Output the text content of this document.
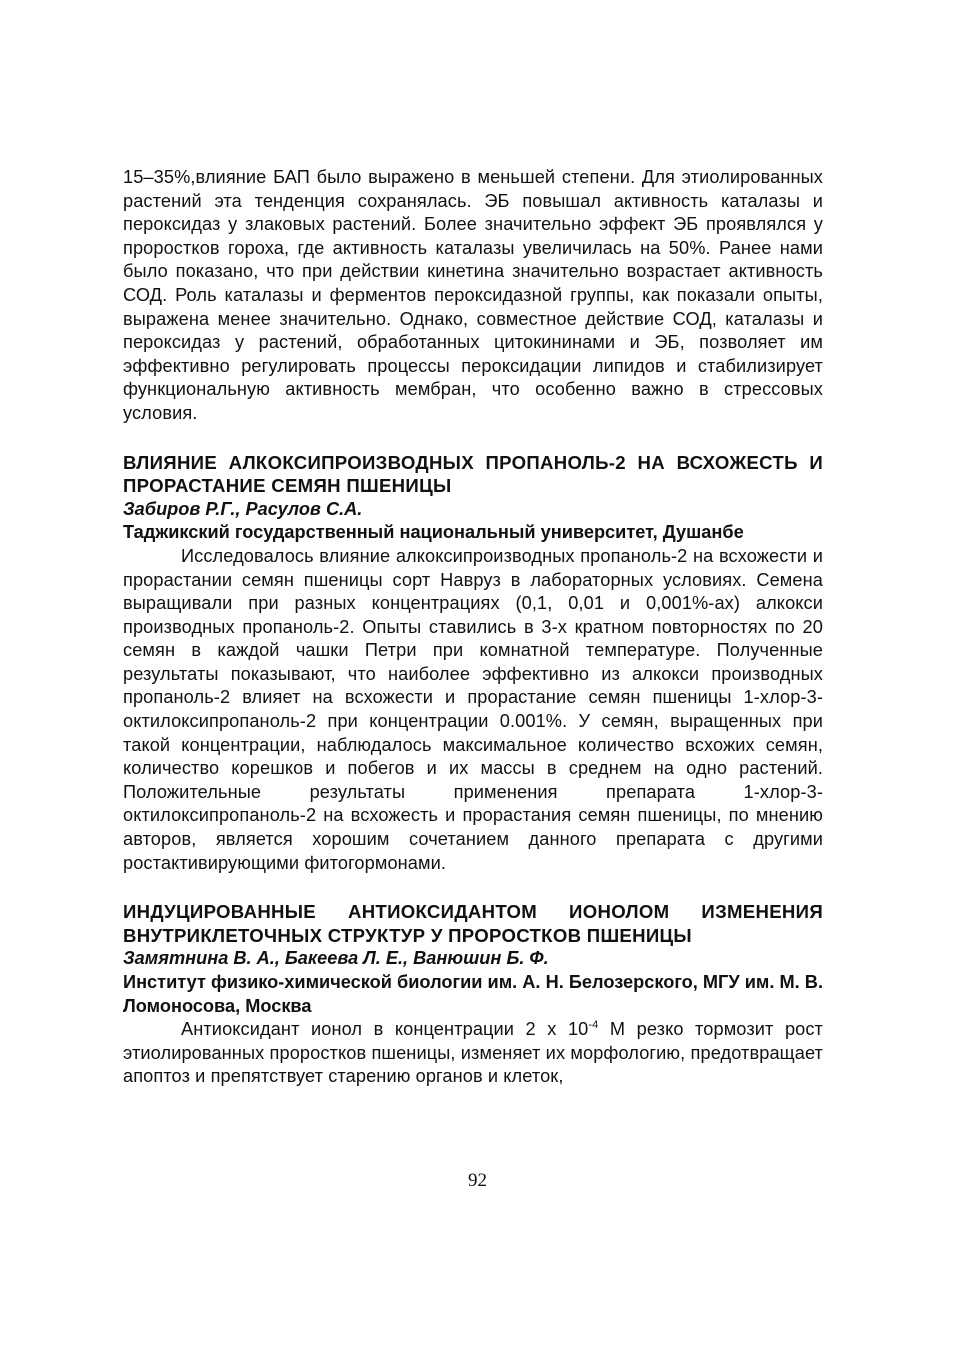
15–35%,влияние БАП было выражено в меньшей степени. Для этиолированных растений эта тенденция сохранялась. ЭБ повышал активность каталазы и пероксидаз у злаковых растений. Более значительно эффект ЭБ проявлялся у проростков гороха, где активность каталазы увеличилась на 50%. Ранее нами было показано, что при действии кинетина значительно возрастает активность СОД. Роль каталазы и ферментов пероксидазной группы, как показали опыты, выражена менее значительно. Однако, совместное действие СОД, каталазы и пероксидаз у растений, обработанных цитокининами и ЭБ, позволяет им эффективно регулировать процессы пероксидации липидов и стабилизирует функциональную активность мембран, что особенно важно в стрессовых условия.

ВЛИЯНИЕ АЛКОКСИПРОИЗВОДНЫХ ПРОПАНОЛЬ-2 НА ВСХОЖЕСТЬ И ПРОРАСТАНИЕ СЕМЯН ПШЕНИЦЫ

Забиров Р.Г., Расулов С.А.

Таджикский государственный национальный университет, Душанбе

Исследовалось влияние алкоксипроизводных пропаноль-2 на всхожести и прорастании семян пшеницы сорт Навруз в лабораторных условиях. Семена выращивали при разных концентрациях (0,1, 0,01 и 0,001%-ах) алкокси производных пропаноль-2. Опыты ставились в 3-х кратном повторностях по 20 семян в каждой чашки Петри при комнатной температуре. Полученные результаты показывают, что наиболее эффективно из алкокси производных пропаноль-2 влияет на всхожести и прорастание семян пшеницы 1-хлор-3-октилоксипропаноль-2 при концентрации 0.001%. У семян, выращенных при такой концентрации, наблюдалось максимальное количество всхожих семян, количество корешков и побегов и их массы в среднем на одно растений. Положительные результаты применения препарата 1-хлор-3- октилоксипропаноль-2 на всхожесть и прорастания семян пшеницы, по мнению авторов, является хорошим сочетанием данного препарата с другими ростактивирующими фитогормонами.

ИНДУЦИРОВАННЫЕ АНТИОКСИДАНТОМ ИОНОЛОМ ИЗМЕНЕНИЯ ВНУТРИКЛЕТОЧНЫХ СТРУКТУР У ПРОРОСТКОВ ПШЕНИЦЫ

Замятнина В. А., Бакеева Л. Е., Ванюшин Б. Ф.

Институт физико-химической биологии им. А. Н. Белозерского, МГУ им. М. В. Ломоносова, Москва

Антиоксидант ионол в концентрации 2 х $10^{-4}$ М резко тормозит рост этиолированных проростков пшеницы, изменяет их морфологию, предотвращает апоптоз и препятствует старению органов и клеток,

92
